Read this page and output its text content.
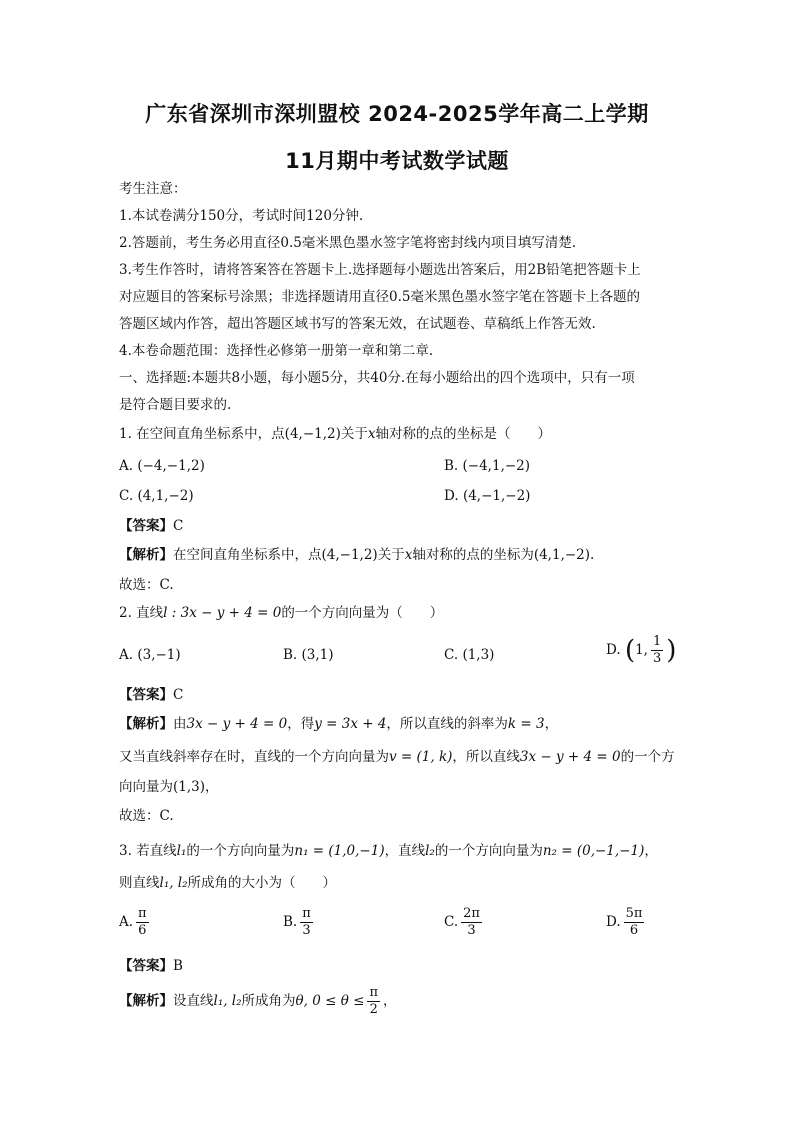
广东省深圳市深圳盟校 2024-2025学年高二上学期
11月期中考试数学试题
考生注意：
1.本试卷满分150分，考试时间120分钟.
2.答题前，考生务必用直径0.5毫米黑色墨水签字笔将密封线内项目填写清楚.
3.考生作答时，请将答案答在答题卡上.选择题每小题选出答案后，用2B铅笔把答题卡上
对应题目的答案标号涂黑；非选择题请用直径0.5毫米黑色墨水签字笔在答题卡上各题的
答题区域内作答，超出答题区域书写的答案无效，在试题卷、草稿纸上作答无效.
4.本卷命题范围：选择性必修第一册第一章和第二章.
一、选择题:本题共8小题，每小题5分，共40分.在每小题给出的四个选项中，只有一项
是符合题目要求的.
1. 在空间直角坐标系中，点(4,−1,2)关于x轴对称的点的坐标是（　　）
A. (−4,−1,2)	B. (−4,1,−2)
C. (4,1,−2)	D. (4,−1,−2)
【答案】C
【解析】在空间直角坐标系中，点(4,−1,2)关于x轴对称的点的坐标为(4,1,−2).
故选：C.
2. 直线l : 3x − y + 4 = 0的一个方向向量为（　　）
A. (3,−1)	B. (3,1)	C. (1,3)	D. (1, $\frac{1}{3}$ )
【答案】C
【解析】由3x − y + 4 = 0，得y = 3x + 4，所以直线的斜率为k = 3，
又当直线斜率存在时，直线的一个方向向量为v = (1, k)，所以直线3x − y + 4 = 0的一个方
向向量为(1,3)，
故选：C.
3. 若直线l₁的一个方向向量为n₁ = (1,0,−1)，直线l₂的一个方向向量为n₂ = (0,−1,−1)，
则直线l₁, l₂所成角的大小为（　　）
A. $\frac{\pi}{6}$	B. $\frac{\pi}{3}$	C. $\frac{2\pi}{3}$	D. $\frac{5\pi}{6}$
【答案】B
【解析】设直线l₁, l₂所成角为θ, $0 \le \theta \le \frac{\pi}{2}$ ，
